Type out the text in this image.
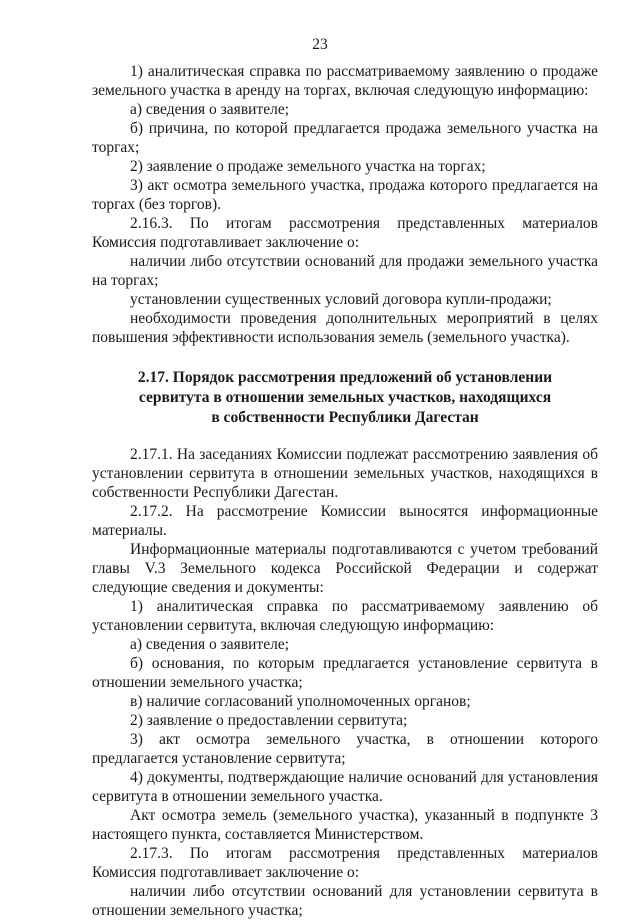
23

1) аналитическая справка по рассматриваемому заявлению о продаже земельного участка в аренду на торгах, включая следующую информацию:

а) сведения о заявителе;

б) причина, по которой предлагается продажа земельного участка на торгах;

2) заявление о продаже земельного участка на торгах;

3) акт осмотра земельного участка, продажа которого предлагается на торгах (без торгов).

2.16.3. По итогам рассмотрения представленных материалов Комиссия подготавливает заключение о:

наличии либо отсутствии оснований для продажи земельного участка на торгах;

установлении существенных условий договора купли-продажи;

необходимости проведения дополнительных мероприятий в целях повышения эффективности использования земель (земельного участка).

2.17. Порядок рассмотрения предложений об установлении

сервитута в отношении земельных участков, находящихся

в собственности Республики Дагестан

2.17.1. На заседаниях Комиссии подлежат рассмотрению заявления об установлении сервитута в отношении земельных участков, находящихся в собственности Республики Дагестан.

2.17.2. На рассмотрение Комиссии выносятся информационные материалы.

Информационные материалы подготавливаются с учетом требований главы V.3 Земельного кодекса Российской Федерации и содержат следующие сведения и документы:

1) аналитическая справка по рассматриваемому заявлению об установлении сервитута, включая следующую информацию:

а) сведения о заявителе;

б) основания, по которым предлагается установление сервитута в отношении земельного участка;

в) наличие согласований уполномоченных органов;

2) заявление о предоставлении сервитута;

3) акт осмотра земельного участка, в отношении которого предлагается установление сервитута;

4) документы, подтверждающие наличие оснований для установления сервитута в отношении земельного участка.

Акт осмотра земель (земельного участка), указанный в подпункте 3 настоящего пункта, составляется Министерством.

2.17.3. По итогам рассмотрения представленных материалов Комиссия подготавливает заключение о:

наличии либо отсутствии оснований для установлении сервитута в отношении земельного участка;
